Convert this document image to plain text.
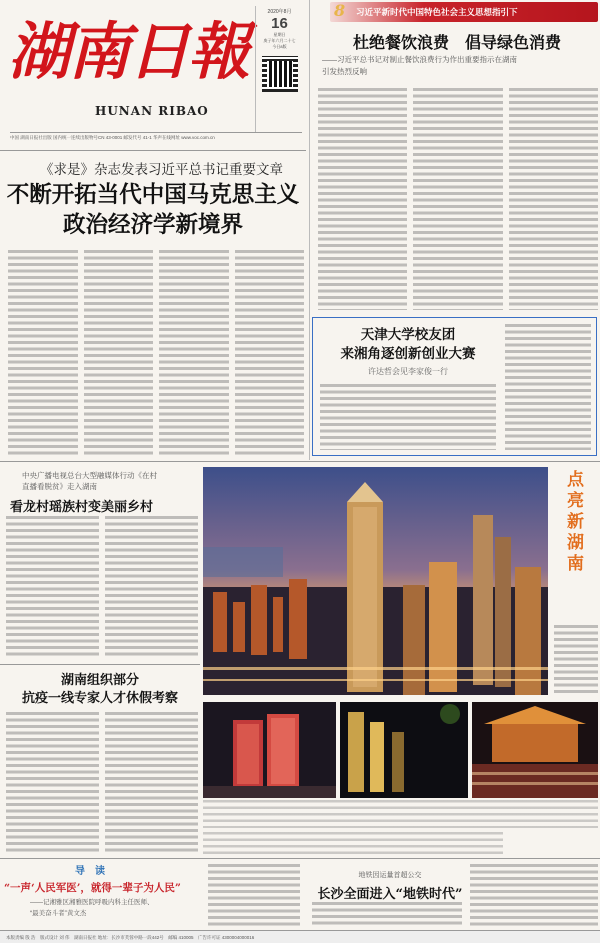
湖南日報
HUNAN RIBAO
2020年8月
16
星期日
庚子年六月二十七
今日8版
中国 湖南日报社出版 国内统一连续出版物号CN 43-0001 邮发代号 41-1 华声在线网址 www.voc.com.cn
习近平新时代中国特色社会主义思想指引下
8
杜绝餐饮浪费　倡导绿色消费
——习近平总书记对制止餐饮浪费行为作出重要指示在湖南
引发热烈反响
《求是》杂志发表习近平总书记重要文章
不断开拓当代中国马克思主义
政治经济学新境界
天津大学校友团
来湘角逐创新创业大赛
许达哲会见李家俊一行
中央广播电视总台大型融媒体行动《在村
直播看脱贫》走入湖南
看龙村瑶族村变美丽乡村
湖南组织部分
抗疫一线专家人才休假考察
点
亮
新
湖
南
导　读
“一声‘人民军医’，就得一辈子为人民”
——记湘雅区湘雅医院呼吸内科主任医师、
“最美奋斗者”黄文杰
地铁因运量首超公交
长沙全面进入“地铁时代”
本版责编 殷 浩　版式设计 刘 伟　湖南日报社 地址：长沙市芙蓉中路一段442号　邮编 410005　广告许可证 4300004000016
